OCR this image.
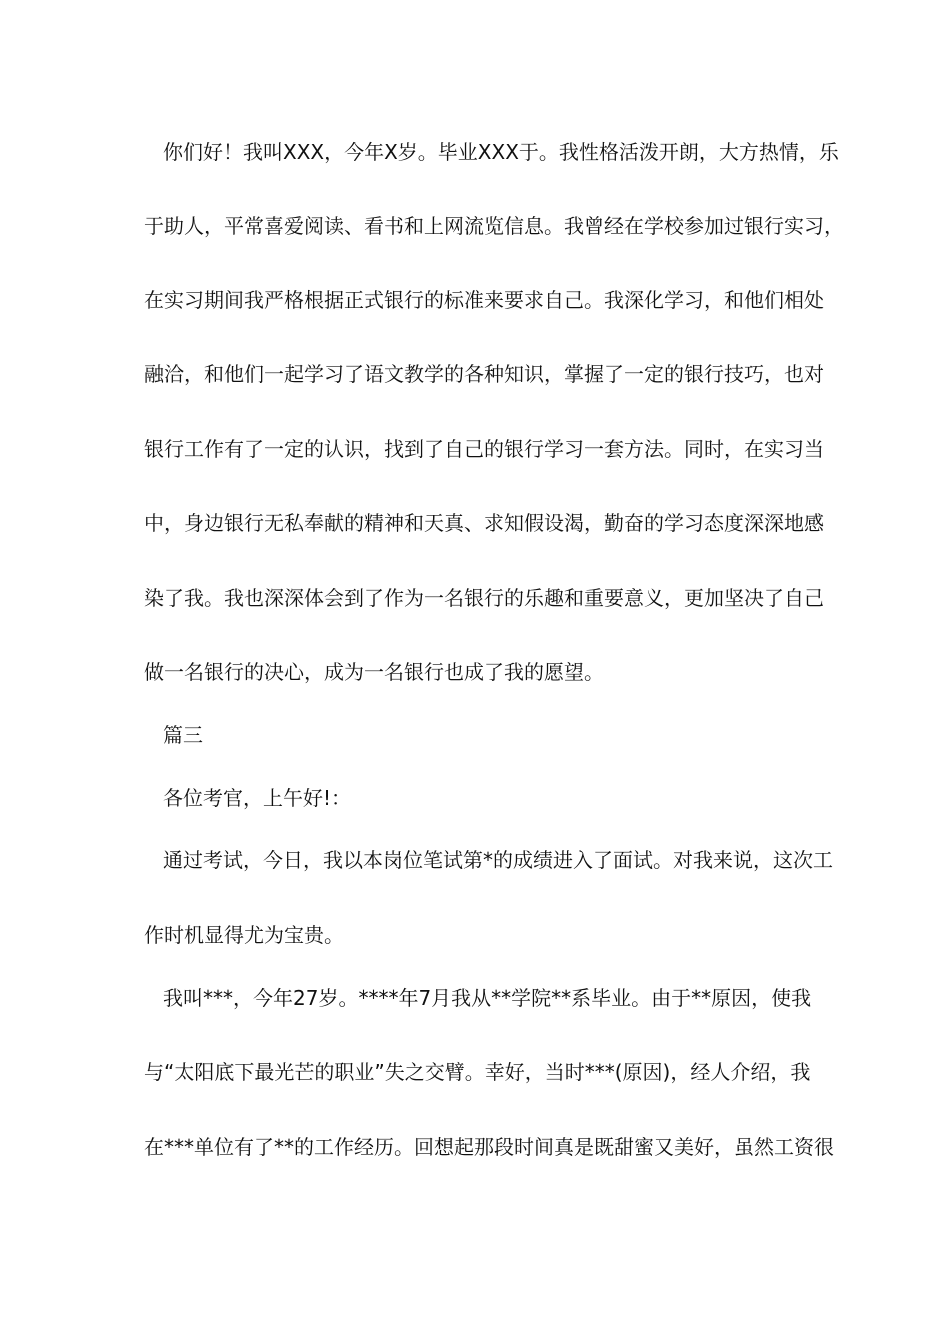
你们好！我叫XXX，今年X岁。毕业XXX于。我性格活泼开朗，大方热情，乐
于助人，平常喜爱阅读、看书和上网流览信息。我曾经在学校参加过银行实习，
在实习期间我严格根据正式银行的标准来要求自己。我深化学习，和他们相处
融洽，和他们一起学习了语文教学的各种知识，掌握了一定的银行技巧，也对
银行工作有了一定的认识，找到了自己的银行学习一套方法。同时，在实习当
中，身边银行无私奉献的精神和天真、求知假设渴，勤奋的学习态度深深地感
染了我。我也深深体会到了作为一名银行的乐趣和重要意义，更加坚决了自己
做一名银行的决心，成为一名银行也成了我的愿望。
篇三
各位考官，上午好!：
通过考试，今日，我以本岗位笔试第*的成绩进入了面试。对我来说，这次工
作时机显得尤为宝贵。
我叫***，今年27岁。****年7月我从**学院**系毕业。由于**原因，使我
与“太阳底下最光芒的职业”失之交臂。幸好，当时***(原因)，经人介绍，我
在***单位有了**的工作经历。回想起那段时间真是既甜蜜又美好，虽然工资很
